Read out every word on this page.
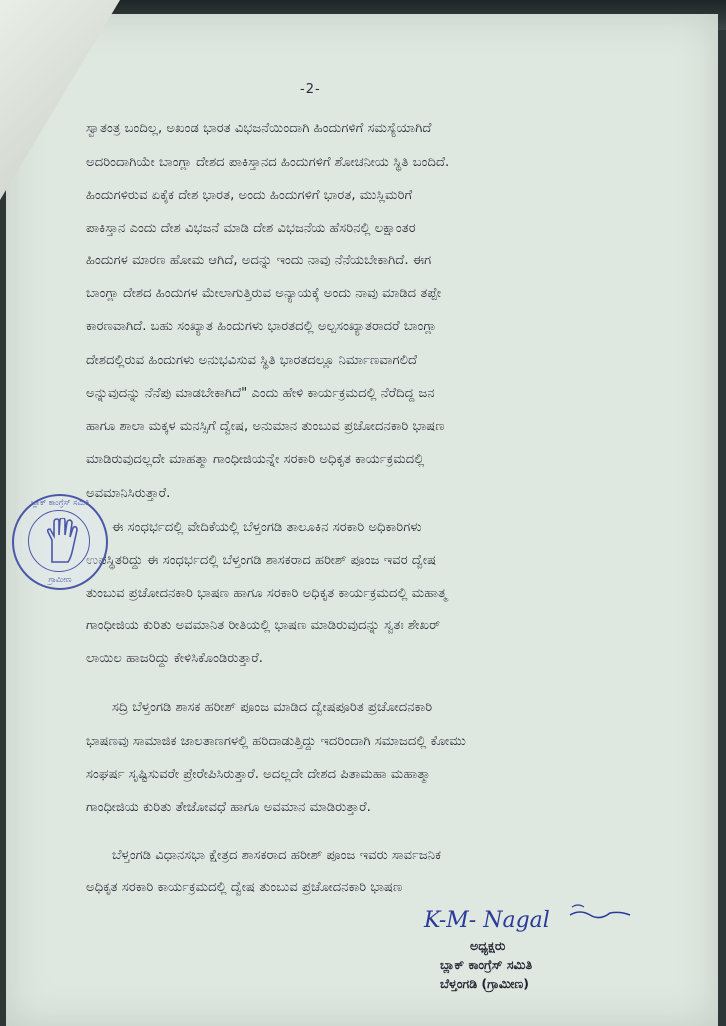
-2-
ಸ್ವಾತಂತ್ರ ಬಂದಿಲ್ಲ, ಅಖಂಡ ಭಾರತ ವಿಭಜನೆಯಿಂದಾಗಿ ಹಿಂದುಗಳಿಗೆ ಸಮಸ್ಯೆಯಾಗಿದೆ
ಅದರಿಂದಾಗಿಯೇ ಬಾಂಗ್ಲಾ ದೇಶದ ಪಾಕಿಸ್ತಾನದ ಹಿಂದುಗಳಿಗೆ ಶೋಚನೀಯ ಸ್ಥಿತಿ ಬಂದಿದೆ.
ಹಿಂದುಗಳಿರುವ ಏಕೈಕ ದೇಶ ಭಾರತ, ಅಂದು ಹಿಂದುಗಳಿಗೆ ಭಾರತ, ಮುಸ್ಲಿಮರಿಗೆ
ಪಾಕಿಸ್ತಾನ ಎಂದು ದೇಶ ವಿಭಜನೆ ಮಾಡಿ ದೇಶ ವಿಭಜನೆಯ ಹೆಸರಿನಲ್ಲಿ ಲಕ್ಷಾಂತರ
ಹಿಂದುಗಳ ಮಾರಣ ಹೋಮ ಆಗಿದೆ, ಅದನ್ನು ಇಂದು ನಾವು ನೆನೆಯಬೇಕಾಗಿದೆ. ಈಗ
ಬಾಂಗ್ಲಾ ದೇಶದ ಹಿಂದುಗಳ ಮೇಲಾಗುತ್ತಿರುವ ಅನ್ಯಾಯಕ್ಕೆ ಅಂದು ನಾವು ಮಾಡಿದ ತಪ್ಪೇ
ಕಾರಣವಾಗಿದೆ. ಬಹು ಸಂಖ್ಯಾತ ಹಿಂದುಗಳು ಭಾರತದಲ್ಲಿ ಅಲ್ಪಸಂಖ್ಯಾತರಾದರೆ ಬಾಂಗ್ಲಾ
ದೇಶದಲ್ಲಿರುವ ಹಿಂದುಗಳು ಅನುಭವಿಸುವ ಸ್ಥಿತಿ ಭಾರತದಲ್ಲೂ ನಿರ್ಮಾಣವಾಗಲಿದೆ
ಅನ್ನುವುದನ್ನು ನೆನೆಪು ಮಾಡಬೇಕಾಗಿದೆ" ಎಂದು ಹೇಳಿ ಕಾರ್ಯಕ್ರಮದಲ್ಲಿ ನೆರೆದಿದ್ದ ಜನ
ಹಾಗೂ ಶಾಲಾ ಮಕ್ಕಳ ಮನಸ್ಸಿಗೆ ದ್ವೇಷ, ಅನುಮಾನ ತುಂಬುವ ಪ್ರಚೋದನಕಾರಿ ಭಾಷಣ
ಮಾಡಿರುವುದಲ್ಲದೇ ಮಾಹತ್ಮಾ ಗಾಂಧೀಜಿಯನ್ನೇ ಸರಕಾರಿ ಅಧಿಕೃತ ಕಾರ್ಯಕ್ರಮದಲ್ಲಿ
ಅವಮಾನಿಸಿರುತ್ತಾರೆ.
ಈ ಸಂಧರ್ಭದಲ್ಲಿ ವೇದಿಕೆಯಲ್ಲಿ ಬೆಳ್ತಂಗಡಿ ತಾಲೂಕಿನ ಸರಕಾರಿ ಅಧಿಕಾರಿಗಳು
ಉಪಸ್ಥಿತರಿದ್ದು ಈ ಸಂಧರ್ಭದಲ್ಲಿ ಬೆಳ್ತಂಗಡಿ ಶಾಸಕರಾದ ಹರೀಶ್ ಪೂಂಜ ಇವರ ದ್ವೇಷ
ತುಂಬುವ ಪ್ರಚೋದನಕಾರಿ ಭಾಷಣ ಹಾಗೂ ಸರಕಾರಿ ಅಧಿಕೃತ ಕಾರ್ಯಕ್ರಮದಲ್ಲಿ ಮಹಾತ್ಮ
ಗಾಂಧೀಜಿಯ ಕುರಿತು ಅವಮಾನಿತ ರೀತಿಯಲ್ಲಿ ಭಾಷಣ ಮಾಡಿರುವುದನ್ನು ಸ್ವತಃ ಶೇಖರ್
ಲಾಯಿಲ ಹಾಜರಿದ್ದು ಕೇಳಿಸಿಕೊಂಡಿರುತ್ತಾರೆ.
ಸದ್ರಿ ಬೆಳ್ತಂಗಡಿ ಶಾಸಕ ಹರೀಶ್ ಪೂಂಜ ಮಾಡಿದ ದ್ವೇಷಪೂರಿತ ಪ್ರಚೋದನಕಾರಿ
ಭಾಷಣವು ಸಾಮಾಜಿಕ ಜಾಲತಾಣಗಳಲ್ಲಿ ಹರಿದಾಡುತ್ತಿದ್ದು ಇದರಿಂದಾಗಿ ಸಮಾಜದಲ್ಲಿ ಕೋಮು
ಸಂಘರ್ಷ ಸೃಷ್ಟಿಸುವರೇ ಪ್ರೇರೇಪಿಸಿರುತ್ತಾರೆ. ಅದಲ್ಲದೇ ದೇಶದ ಪಿತಾಮಹಾ ಮಹಾತ್ಮಾ
ಗಾಂಧೀಜಿಯ ಕುರಿತು ತೇಜೋವಧೆ ಹಾಗೂ ಅವಮಾನ ಮಾಡಿರುತ್ತಾರೆ.
ಬೆಳ್ತಂಗಡಿ ವಿಧಾನಸಭಾ ಕ್ಷೇತ್ರದ ಶಾಸಕರಾದ ಹರೀಶ್ ಪೂಂಜ ಇವರು ಸಾರ್ವಜನಿಕ
ಅಧಿಕೃತ ಸರಕಾರಿ ಕಾರ್ಯಕ್ರಮದಲ್ಲಿ ದ್ವೇಷ ತುಂಬುವ ಪ್ರಚೋದನಕಾರಿ ಭಾಷಣ
ಬ್ಲಾಕ್ ಕಾಂಗ್ರೆಸ್ ಸಮಿತಿ
ಗ್ರಾಮೀಣ
K-M- Nagal
ಅಧ್ಯಕ್ಷರು
ಬ್ಲಾಕ್ ಕಾಂಗ್ರೆಸ್ ಸಮಿತಿ
ಬೆಳ್ತಂಗಡಿ (ಗ್ರಾಮೀಣ)
